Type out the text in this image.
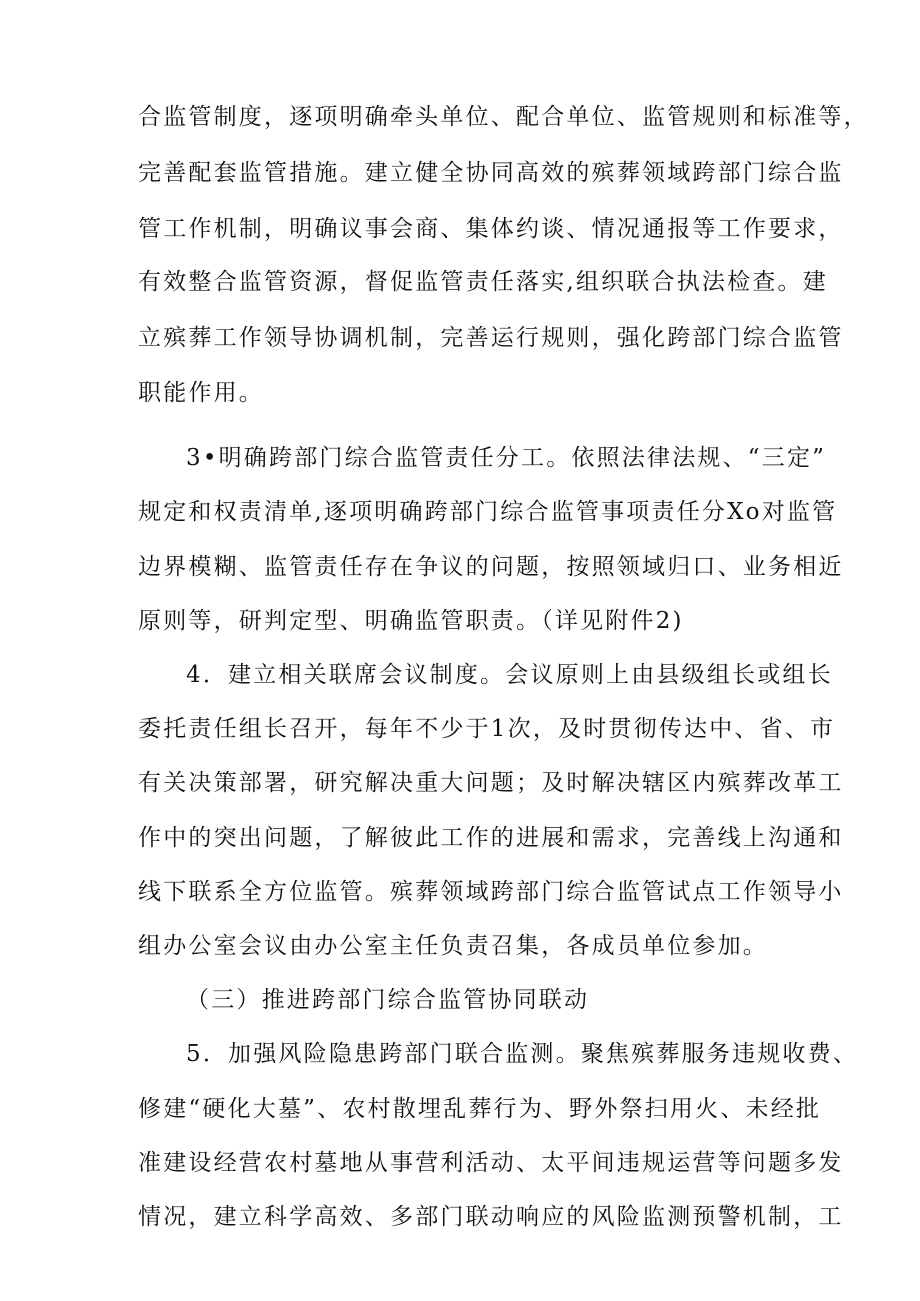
合监管制度，逐项明确牵头单位、配合单位、监管规则和标准等，
完善配套监管措施。建立健全协同高效的殡葬领域跨部门综合监
管工作机制，明确议事会商、集体约谈、情况通报等工作要求，
有效整合监管资源，督促监管责任落实,组织联合执法检查。建
立殡葬工作领导协调机制，完善运行规则，强化跨部门综合监管
职能作用。
3•明确跨部门综合监管责任分工。依照法律法规、“三定”
规定和权责清单,逐项明确跨部门综合监管事项责任分Xo对监管
边界模糊、监管责任存在争议的问题，按照领域归口、业务相近
原则等，研判定型、明确监管职责。（详见附件2)
4．建立相关联席会议制度。会议原则上由县级组长或组长
委托责任组长召开，每年不少于1次，及时贯彻传达中、省、市
有关决策部署，研究解决重大问题；及时解决辖区内殡葬改革工
作中的突出问题，了解彼此工作的进展和需求，完善线上沟通和
线下联系全方位监管。殡葬领域跨部门综合监管试点工作领导小
组办公室会议由办公室主任负责召集，各成员单位参加。
（三）推进跨部门综合监管协同联动
5．加强风险隐患跨部门联合监测。聚焦殡葬服务违规收费、
修建“硬化大墓”、农村散埋乱葬行为、野外祭扫用火、未经批
准建设经营农村墓地从事营利活动、太平间违规运营等问题多发
情况，建立科学高效、多部门联动响应的风险监测预警机制，工
